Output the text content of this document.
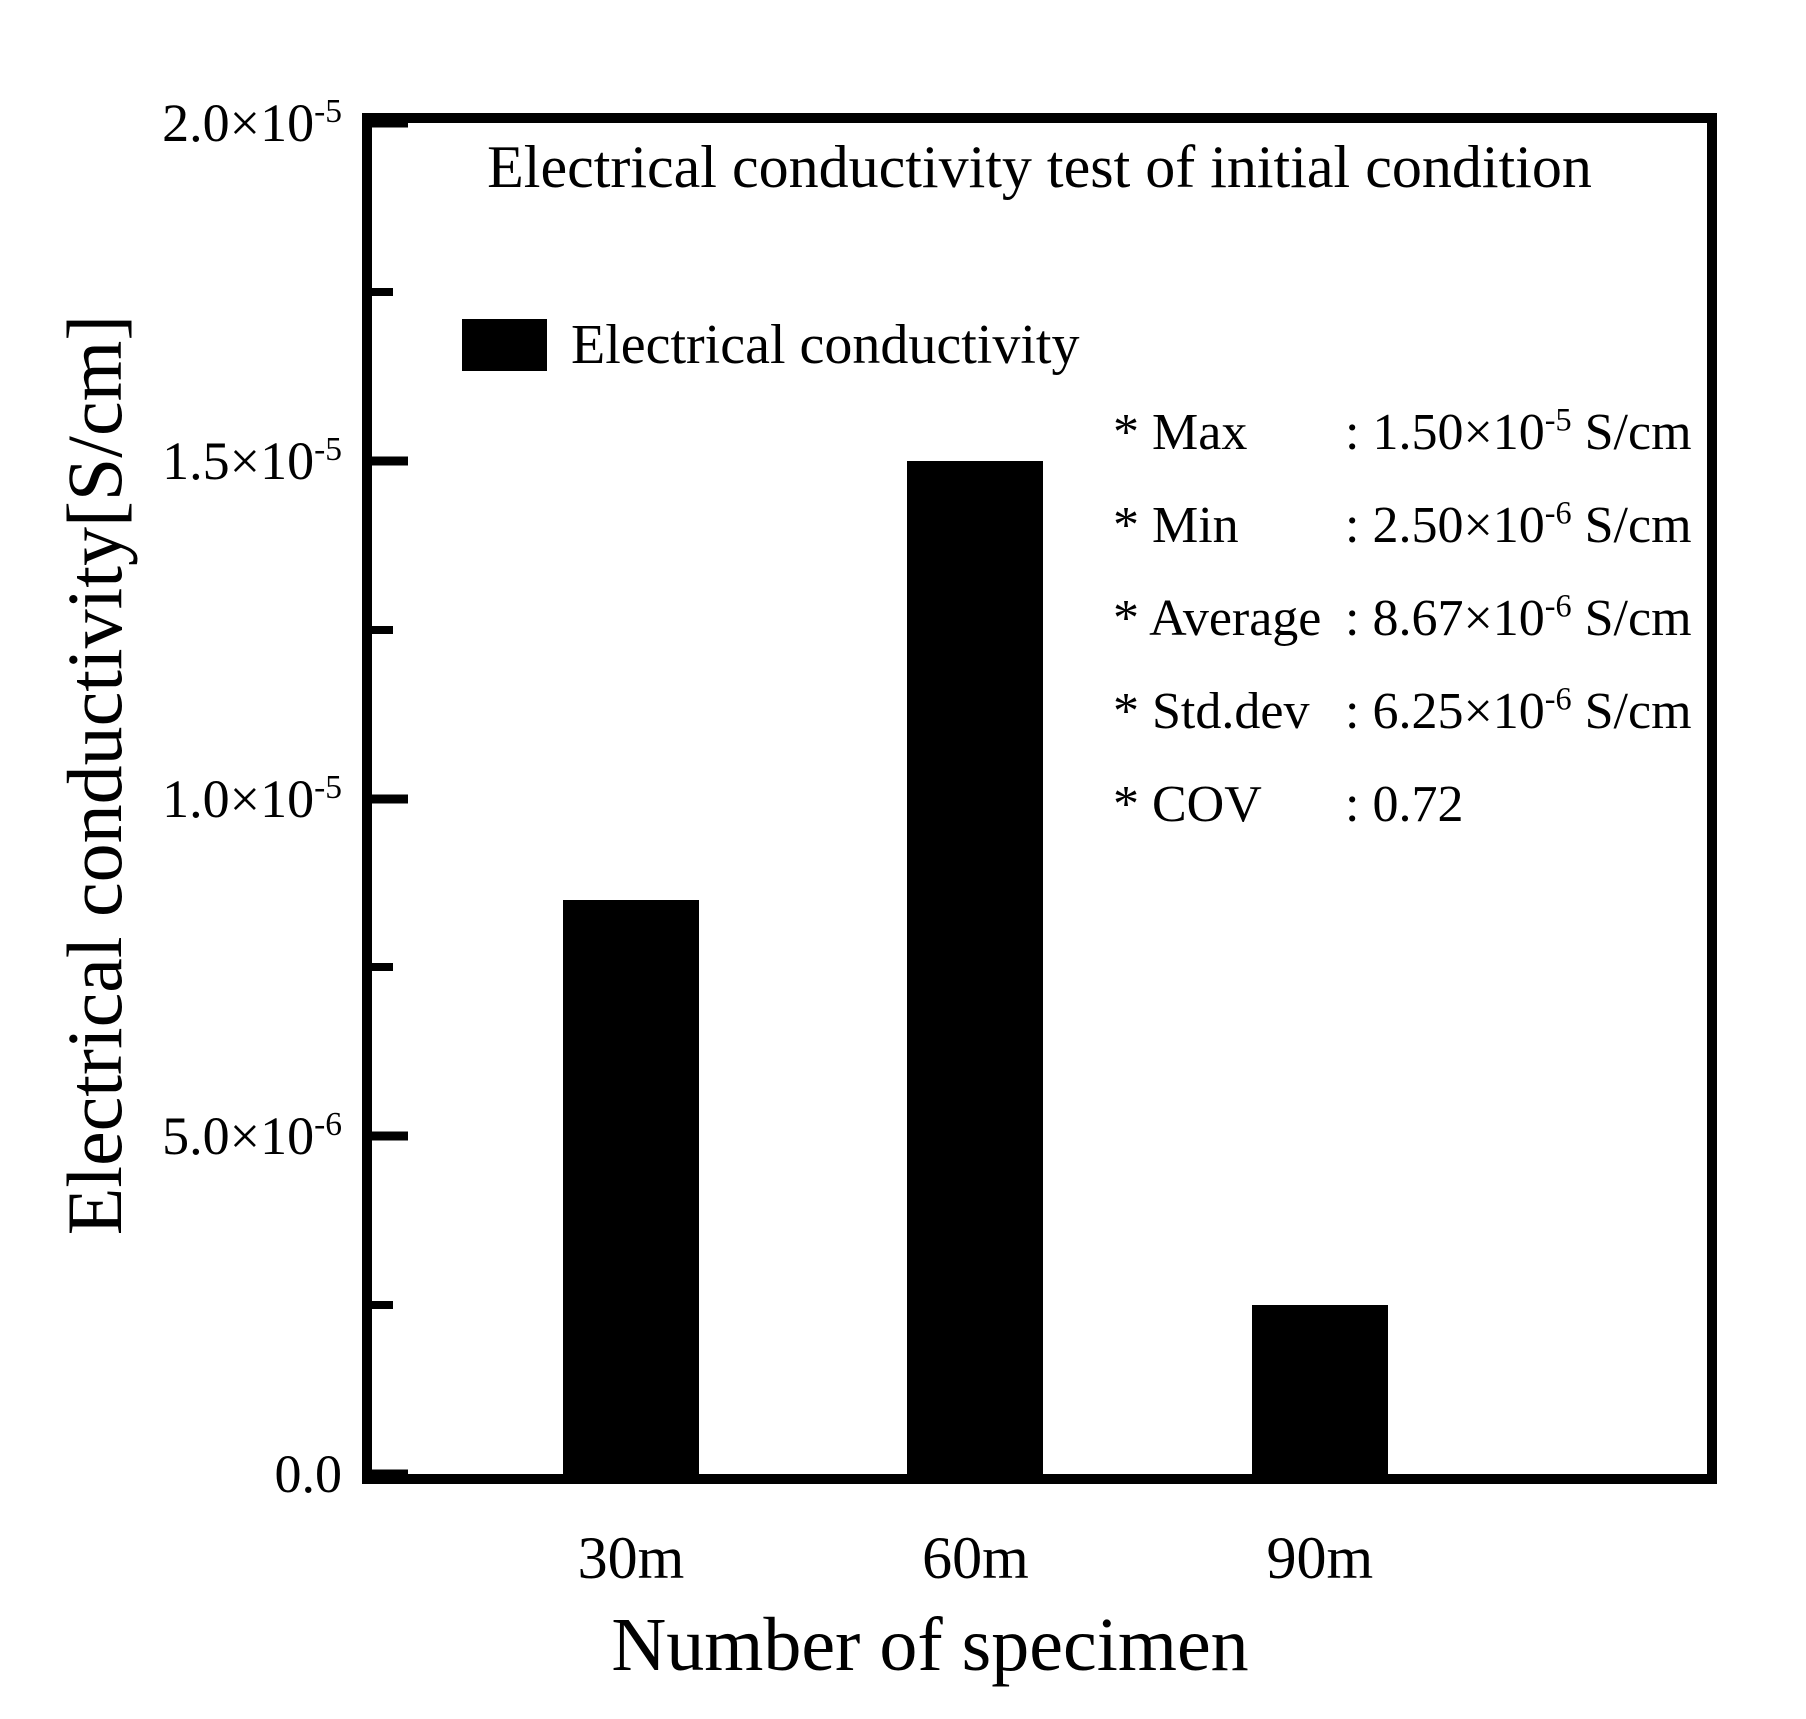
Electrical conductivity[S/cm]
$2.0\times 10^{-5}$
$1.5\times 10^{-5}$
$1.0\times 10^{-5}$
$5.0\times 10^{-6}$
0.0
Electrical conductivity test of initial condition
Electrical conductivity
* Max	: $1.50\times 10^{-5}$ S/cm
* Min	: $2.50\times 10^{-6}$ S/cm
* Average : $8.67\times 10^{-6}$ S/cm
* Std.dev : $6.25\times 10^{-6}$ S/cm
* COV	: 0.72
30m	60m	90m
Number of specimen
